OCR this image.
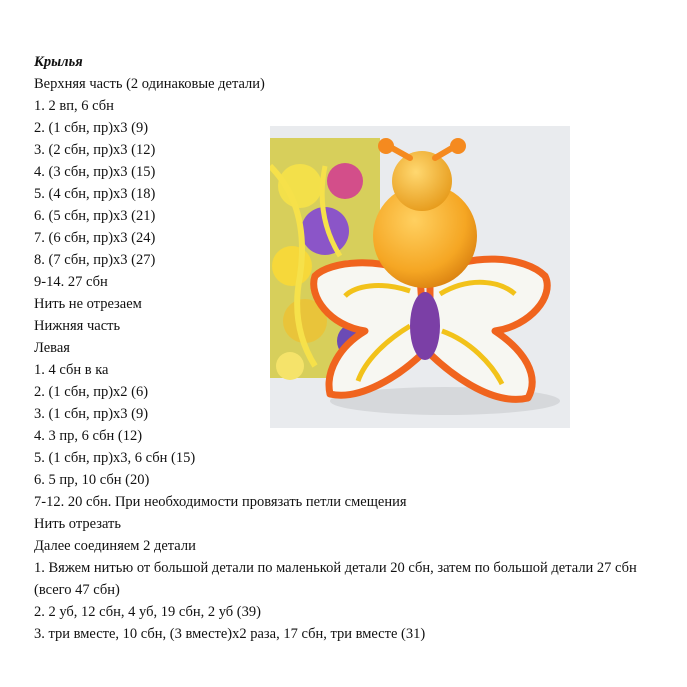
Крылья
Верхняя часть (2 одинаковые детали)
1. 2 вп, 6 сбн
2. (1 сбн, пр)х3 (9)
3. (2 сбн, пр)х3 (12)
4. (3 сбн, пр)х3 (15)
5. (4 сбн, пр)х3 (18)
6. (5 сбн, пр)х3 (21)
7. (6 сбн, пр)х3 (24)
8. (7 сбн, пр)х3 (27)
9-14. 27 сбн
Нить не отрезаем
Нижняя часть
Левая
1. 4 сбн в ка
2. (1 сбн, пр)х2 (6)
3. (1 сбн, пр)х3 (9)
4. 3 пр, 6 сбн (12)
5. (1 сбн, пр)х3, 6 сбн (15)
6. 5 пр, 10 сбн (20)
7-12. 20 сбн. При необходимости провязать петли смещения
Нить отрезать
Далее соединяем 2 детали
1. Вяжем нитью от большой детали по маленькой детали 20 сбн, затем по большой детали 27 сбн (всего 47 сбн)
2. 2 уб, 12 сбн, 4 уб, 19 сбн, 2 уб (39)
3. три вместе, 10 сбн, (3 вместе)х2 раза, 17 сбн, три вместе (31)
